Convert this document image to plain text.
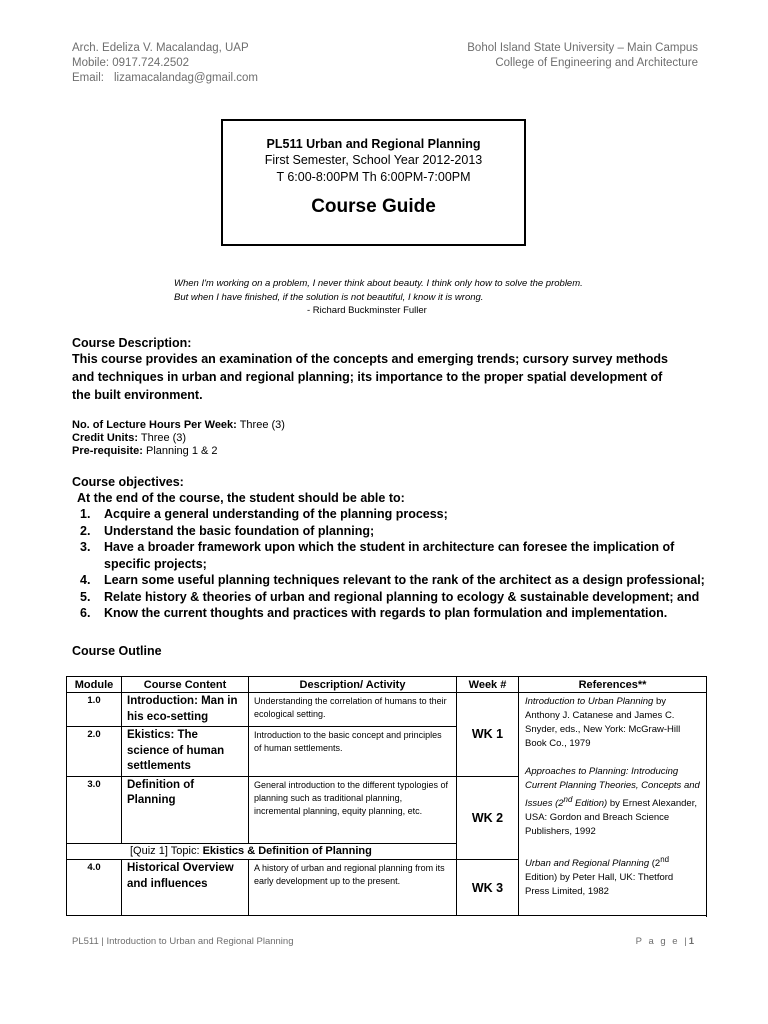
Arch. Edeliza V. Macalandag, UAP
Mobile: 0917.724.2502
Email: lizamacalandag@gmail.com
Bohol Island State University – Main Campus
College of Engineering and Architecture
PL511 Urban and Regional Planning
First Semester, School Year 2012-2013
T 6:00-8:00PM Th 6:00PM-7:00PM
Course Guide
When I'm working on a problem, I never think about beauty. I think only how to solve the problem. But when I have finished, if the solution is not beautiful, I know it is wrong.
- Richard Buckminster Fuller
Course Description:
This course provides an examination of the concepts and emerging trends; cursory survey methods and techniques in urban and regional planning; its importance to the proper spatial development of the built environment.
No. of Lecture Hours Per Week: Three (3)
Credit Units: Three (3)
Pre-requisite: Planning 1 & 2
Course objectives:
At the end of the course, the student should be able to:
1. Acquire a general understanding of the planning process;
2. Understand the basic foundation of planning;
3. Have a broader framework upon which the student in architecture can foresee the implication of specific projects;
4. Learn some useful planning techniques relevant to the rank of the architect as a design professional;
5. Relate history & theories of urban and regional planning to ecology & sustainable development; and
6. Know the current thoughts and practices with regards to plan formulation and implementation.
Course Outline
Module	Course Content	Description/ Activity	Week #	References**
1.0	Introduction: Man in his eco-setting	Understanding the correlation of humans to their ecological setting.	WK 1	Introduction to Urban Planning by Anthony J. Catanese and James C. Snyder, eds., New York: McGraw-Hill Book Co., 1979

Approaches to Planning: Introducing Current Planning Theories, Concepts and Issues (2nd Edition) by Ernest Alexander, USA: Gordon and Breach Science Publishers, 1992

Urban and Regional Planning (2nd Edition) by Peter Hall, UK: Thetford Press Limited, 1982

2.0	Ekistics: The science of human settlements	Introduction to the basic concept and principles of human settlements.		
3.0	Definition of Planning	General introduction to the different typologies of planning such as traditional planning, incremental planning, equity planning, etc.	WK 2	
[Quiz 1] Topic: Ekistics & Definition of Planning				
4.0	Historical Overview and influences	A history of urban and regional planning from its early development up to the present.	WK 3	

PL511 | Introduction to Urban and Regional Planning	P a g e |1
